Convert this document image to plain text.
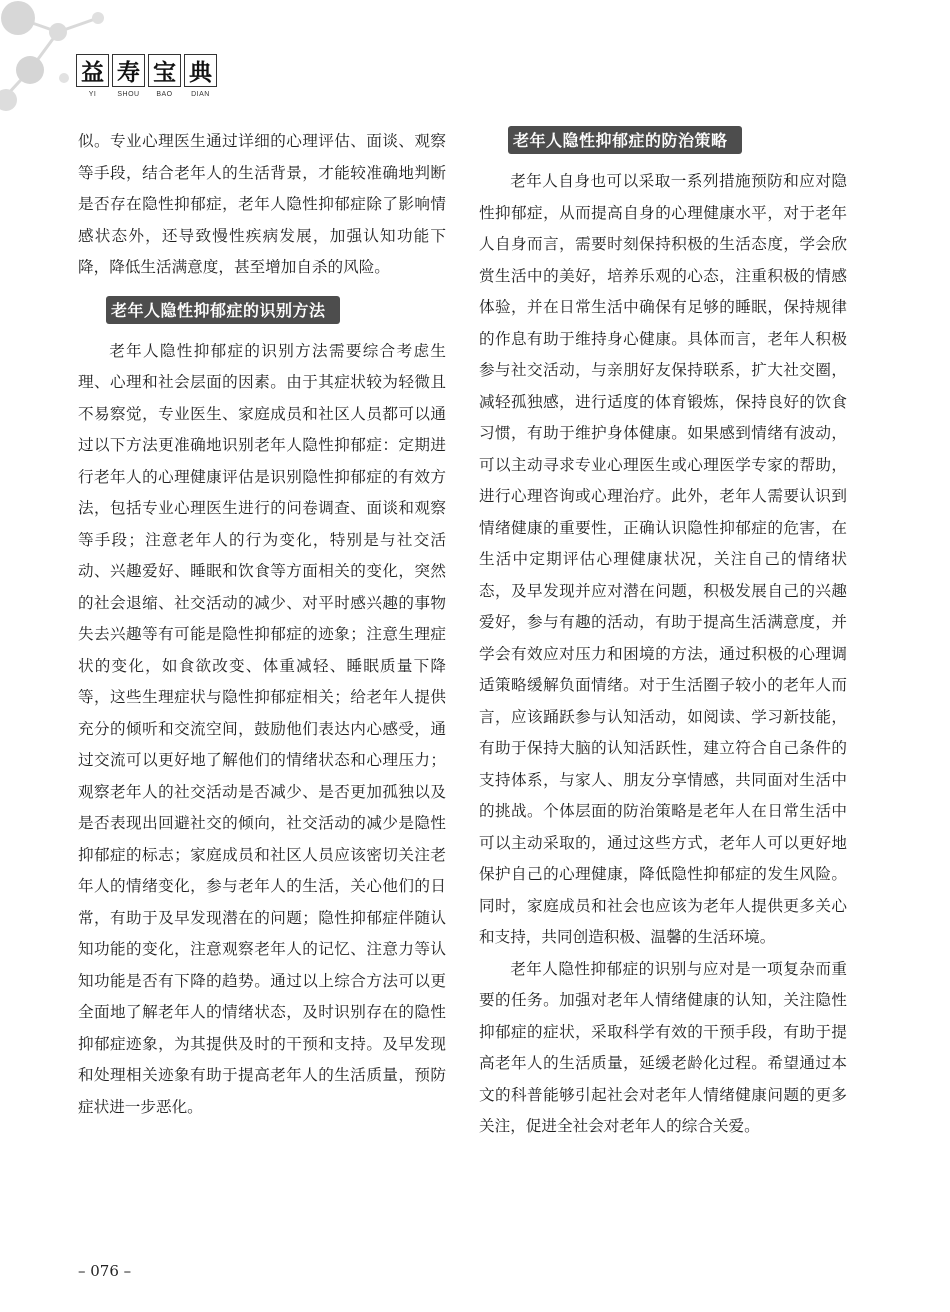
益 寿 宝 典
YI	SHOU	BAO	DIAN

似。专业心理医生通过详细的心理评估、面谈、观察等手段，结合老年人的生活背景，才能较准确地判断是否存在隐性抑郁症，老年人隐性抑郁症除了影响情感状态外，还导致慢性疾病发展，加强认知功能下降，降低生活满意度，甚至增加自杀的风险。

老年人隐性抑郁症的识别方法

老年人隐性抑郁症的识别方法需要综合考虑生理、心理和社会层面的因素。由于其症状较为轻微且不易察觉，专业医生、家庭成员和社区人员都可以通过以下方法更准确地识别老年人隐性抑郁症：定期进行老年人的心理健康评估是识别隐性抑郁症的有效方法，包括专业心理医生进行的问卷调查、面谈和观察等手段；注意老年人的行为变化，特别是与社交活动、兴趣爱好、睡眠和饮食等方面相关的变化，突然的社会退缩、社交活动的减少、对平时感兴趣的事物失去兴趣等有可能是隐性抑郁症的迹象；注意生理症状的变化，如食欲改变、体重减轻、睡眠质量下降等，这些生理症状与隐性抑郁症相关；给老年人提供充分的倾听和交流空间，鼓励他们表达内心感受，通过交流可以更好地了解他们的情绪状态和心理压力；观察老年人的社交活动是否减少、是否更加孤独以及是否表现出回避社交的倾向，社交活动的减少是隐性抑郁症的标志；家庭成员和社区人员应该密切关注老年人的情绪变化，参与老年人的生活，关心他们的日常，有助于及早发现潜在的问题；隐性抑郁症伴随认知功能的变化，注意观察老年人的记忆、注意力等认知功能是否有下降的趋势。通过以上综合方法可以更全面地了解老年人的情绪状态，及时识别存在的隐性抑郁症迹象，为其提供及时的干预和支持。及早发现和处理相关迹象有助于提高老年人的生活质量，预防症状进一步恶化。

老年人隐性抑郁症的防治策略

老年人自身也可以采取一系列措施预防和应对隐性抑郁症，从而提高自身的心理健康水平，对于老年人自身而言，需要时刻保持积极的生活态度，学会欣赏生活中的美好，培养乐观的心态，注重积极的情感体验，并在日常生活中确保有足够的睡眠，保持规律的作息有助于维持身心健康。具体而言，老年人积极参与社交活动，与亲朋好友保持联系，扩大社交圈，减轻孤独感，进行适度的体育锻炼，保持良好的饮食习惯，有助于维护身体健康。如果感到情绪有波动，可以主动寻求专业心理医生或心理医学专家的帮助，进行心理咨询或心理治疗。此外，老年人需要认识到情绪健康的重要性，正确认识隐性抑郁症的危害，在生活中定期评估心理健康状况，关注自己的情绪状态，及早发现并应对潜在问题，积极发展自己的兴趣爱好，参与有趣的活动，有助于提高生活满意度，并学会有效应对压力和困境的方法，通过积极的心理调适策略缓解负面情绪。对于生活圈子较小的老年人而言，应该踊跃参与认知活动，如阅读、学习新技能，有助于保持大脑的认知活跃性，建立符合自己条件的支持体系，与家人、朋友分享情感，共同面对生活中的挑战。个体层面的防治策略是老年人在日常生活中可以主动采取的，通过这些方式，老年人可以更好地保护自己的心理健康，降低隐性抑郁症的发生风险。同时，家庭成员和社会也应该为老年人提供更多关心和支持，共同创造积极、温馨的生活环境。

老年人隐性抑郁症的识别与应对是一项复杂而重要的任务。加强对老年人情绪健康的认知，关注隐性抑郁症的症状，采取科学有效的干预手段，有助于提高老年人的生活质量，延缓老龄化过程。希望通过本文的科普能够引起社会对老年人情绪健康问题的更多关注，促进全社会对老年人的综合关爱。

– 076 –
